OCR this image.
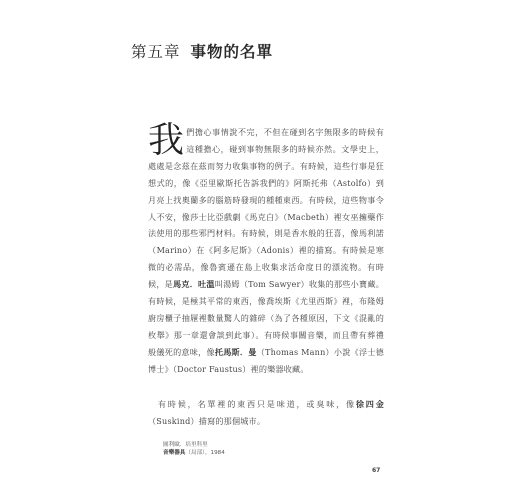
第五章 事物的名單

我們擔心事情說不完，不但在碰到名字無限多的時候有這種擔心，碰到事物無限多的時候亦然。文學史上，處處是念茲在茲而努力收集事物的例子。有時候，這些行事是狂想式的，像《亞里歐斯托告訴我們的》阿斯托弗（Astolfo）到月亮上找奧蘭多的腦筋時發現的種種東西。有時候，這些物事令人不安，像莎士比亞戲劇《馬克白》（Macbeth）裡女巫擁藥作法使用的那些邪門材料。有時候，則是香水般的狂喜，像馬利諾（Marino）在《阿多尼斯》（Adonis）裡的描寫。有時候是寒微的必需品，像魯賓遜在島上收集求活命度日的漂流物。有時候，是馬克．吐溫叫湯姆（Tom Sawyer）收集的那些小寶藏。有時候，是極其平常的東西，像喬埃斯《尤里西斯》裡，布隆姆廚房櫃子抽屜裡數量驚人的雜碎（為了各種原因，下文《混亂的枚舉》那一章還會談到此事）。有時候事關音樂，而且帶有葬禮般儀死的意味，像托馬斯．曼（Thomas Mann）小說《浮士德博士》（Doctor Faustus）裡的樂器收藏。

　有時候，名單裡的東西只是味道，或臭味，像徐四金（Suskind）描寫的那個城市。

圖利歐．培里科里
音樂器具（局部），1984
67
